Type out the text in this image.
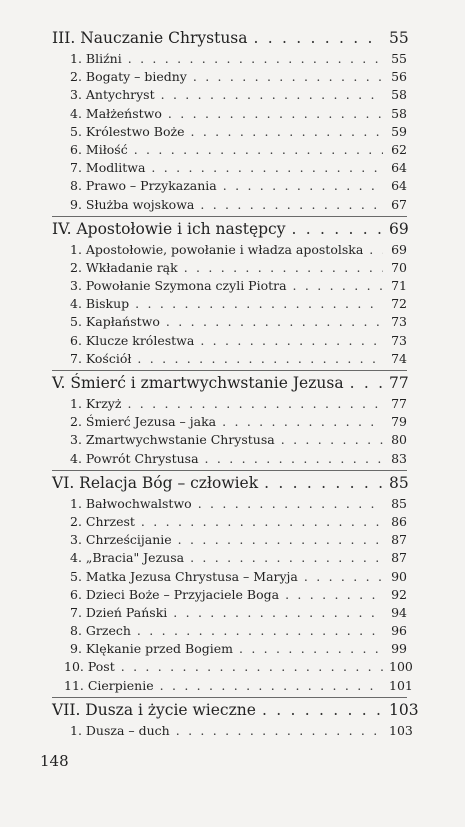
III. Nauczanie Chrystusa . . .	55
1. Bliźni . . .	55
2. Bogaty – biedny . . .	56
3. Antychryst . . .	58
4. Małżeństwo . . .	58
5. Królestwo Boże . . .	59
6. Miłość . . .	62
7. Modlitwa . . .	64
8. Prawo – Przykazania . . .	64
9. Służba wojskowa . . .	67
IV. Apostołowie i ich następcy . . .	69
1. Apostołowie, powołanie i władza apostolska . . . 69
2. Wkładanie rąk . . .	70
3. Powołanie Szymona czyli Piotra . . .	71
4. Biskup . . .	72
5. Kapłaństwo . . .	73
6. Klucze królestwa . . .	73
7. Kościół . . .	74
V. Śmierć i zmartwychwstanie Jezusa . . .	77
1. Krzyż . . .	77
2. Śmierć Jezusa – jaka . . .	79
3. Zmartwychwstanie Chrystusa . . .	80
4. Powrót Chrystusa . . .	83
VI. Relacja Bóg – człowiek . . .	85
1. Bałwochwalstwo . . .	85
2. Chrzest . . .	86
3. Chrześcijanie . . .	87
4. „Bracia" Jezusa . . .	87
5. Matka Jezusa Chrystusa – Maryja . . .	90
6. Dzieci Boże – Przyjaciele Boga . . .	92
7. Dzień Pański . . .	94
8. Grzech . . .	96
9. Klękanie przed Bogiem . . .	99
10. Post . . .	100
11. Cierpienie . . .	101
VII. Dusza i życie wieczne . . .	103
1. Dusza – duch . . .	103
148
